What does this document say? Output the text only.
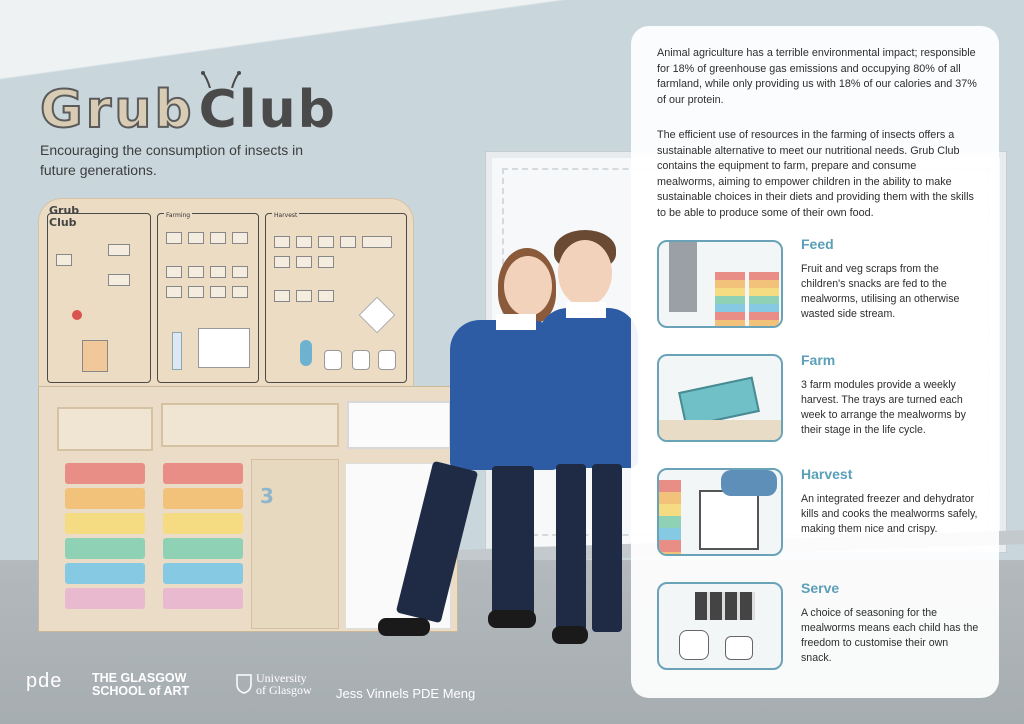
Grub Club
Encouraging the consumption of insects in future generations.
Grub
Club
Farming	Harvest
3

Animal agriculture has a terrible environmental impact; responsible for 18% of greenhouse gas emissions and occupying 80% of all farmland, while only providing us with 18% of our calories and 37% of our protein.

The efficient use of resources in the farming of insects offers a sustainable alternative to meet our nutritional needs. Grub Club contains the equipment to farm, prepare and consume mealworms, aiming to empower children in the ability to make sustainable choices in their diets and providing them with the skills to be able to produce some of their own food.

Feed

Fruit and veg scraps from the children's snacks are fed to the mealworms, utilising an otherwise wasted side stream.

Farm

3 farm modules provide a weekly harvest. The trays are turned each week to arrange the mealworms by their stage in the life cycle.

Harvest

An integrated freezer and dehydrator kills and cooks the mealworms safely, making them nice and crispy.

Serve

A choice of seasoning for the mealworms means each child has the freedom to customise their own snack.

pde THE GLASGOW
SCHOOL of ART
University
of Glasgow Jess Vinnels PDE Meng
